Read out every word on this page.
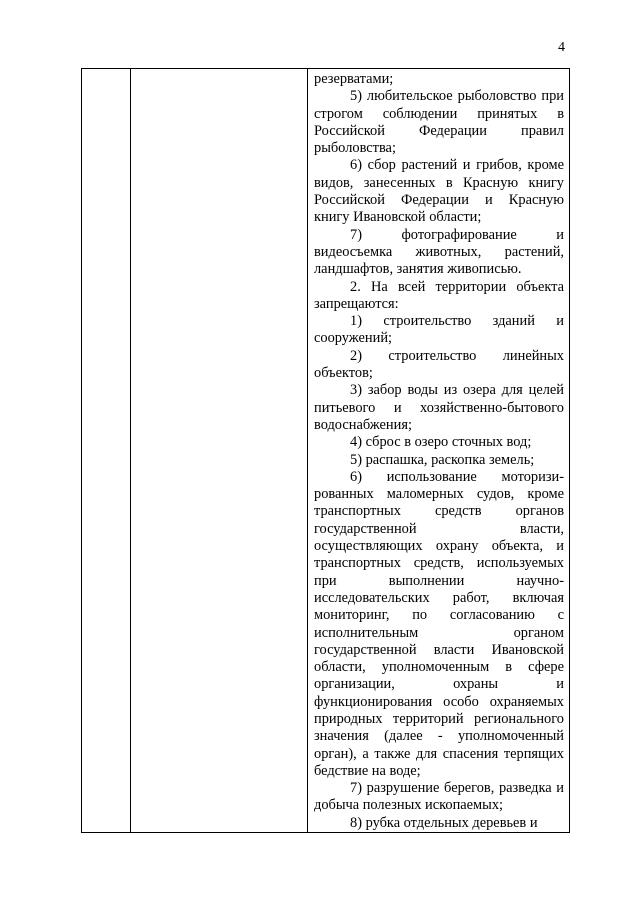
4

резерватами;

5) любительское рыболовство при строгом соблюдении принятых в Российской Федерации правил рыболовства;

6) сбор растений и грибов, кроме видов, занесенных в Красную книгу Российской Федерации и Красную книгу Ивановской области;

7) фотографирование и видеосъемка животных, растений, ландшафтов, занятия живописью.

2. На всей территории объекта запрещаются:

1) строительство зданий и сооружений;

2) строительство линейных объектов;

3) забор воды из озера для целей питьевого и хозяйственно-бытового водоснабжения;

4) сброс в озеро сточных вод;

5) распашка, раскопка земель;

6) использование моторизи-рованных маломерных судов, кроме транспортных средств органов государственной власти, осуществляющих охрану объекта, и транспортных средств, используемых при выполнении научно-исследовательских работ, включая мониторинг, по согласованию с исполнительным органом государственной власти Ивановской области, уполномоченным в сфере организации, охраны и функционирования особо охраняемых природных территорий регионального значения (далее - уполномоченный орган), а также для спасения терпящих бедствие на воде;

7) разрушение берегов, разведка и добыча полезных ископаемых;

8) рубка отдельных деревьев и
